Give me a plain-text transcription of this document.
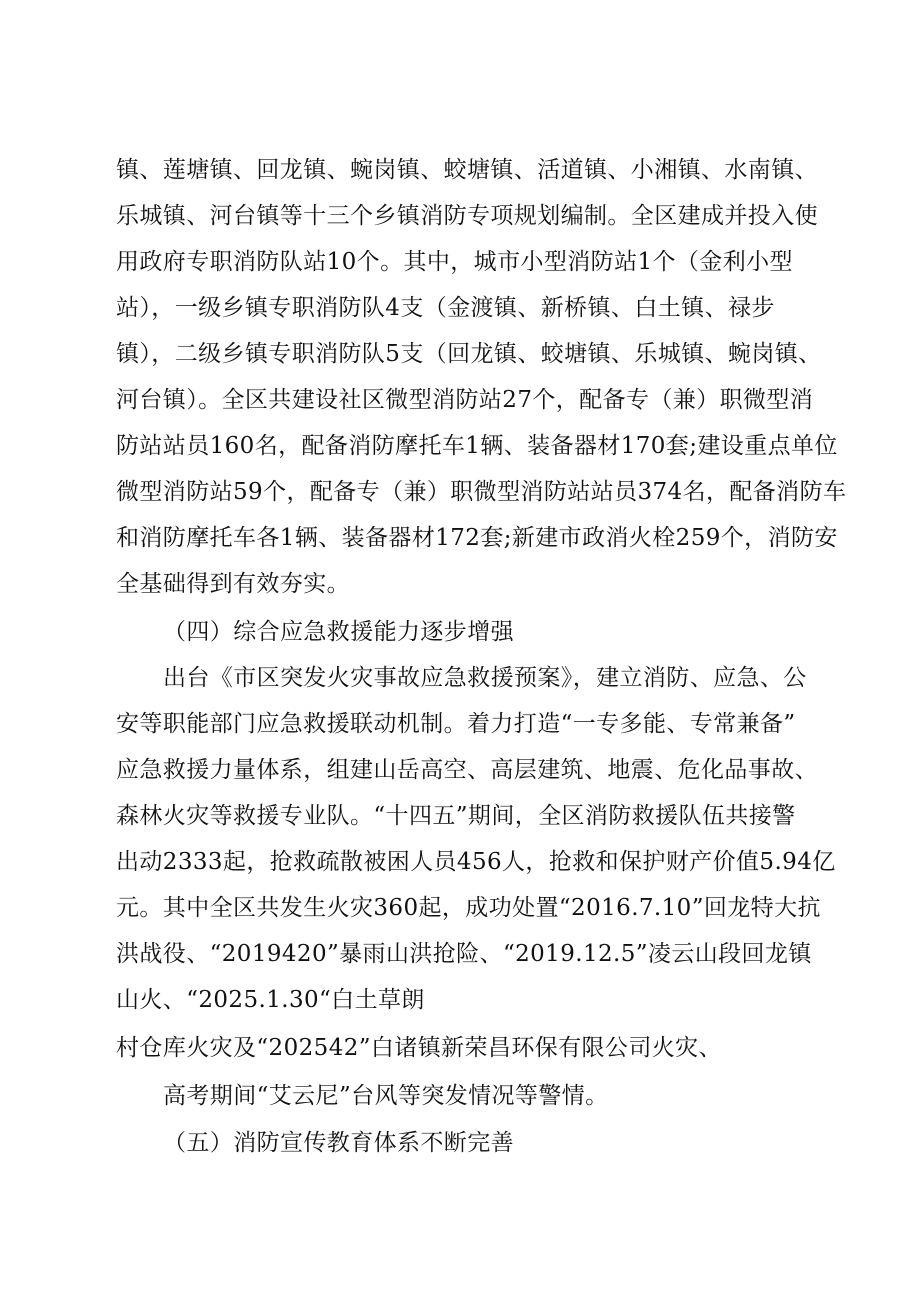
镇、莲塘镇、回龙镇、蜿岗镇、蛟塘镇、活道镇、小湘镇、水南镇、
乐城镇、河台镇等十三个乡镇消防专项规划编制。全区建成并投入使
用政府专职消防队站10个。其中，城市小型消防站1个（金利小型
站），一级乡镇专职消防队4支（金渡镇、新桥镇、白土镇、禄步
镇），二级乡镇专职消防队5支（回龙镇、蛟塘镇、乐城镇、蜿岗镇、
河台镇）。全区共建设社区微型消防站27个，配备专（兼）职微型消
防站站员160名，配备消防摩托车1辆、装备器材170套;建设重点单位
微型消防站59个，配备专（兼）职微型消防站站员374名，配备消防车
和消防摩托车各1辆、装备器材172套;新建市政消火栓259个，消防安
全基础得到有效夯实。
（四）综合应急救援能力逐步增强
出台《市区突发火灾事故应急救援预案》，建立消防、应急、公
安等职能部门应急救援联动机制。着力打造“一专多能、专常兼备”
应急救援力量体系，组建山岳高空、高层建筑、地震、危化品事故、
森林火灾等救援专业队。“十四五”期间，全区消防救援队伍共接警
出动2333起，抢救疏散被困人员456人，抢救和保护财产价值5.94亿
元。其中全区共发生火灾360起，成功处置“2016.7.10”回龙特大抗
洪战役、“2019420”暴雨山洪抢险、“2019.12.5”凌云山段回龙镇
山火、“2025.1.30“白土草朗
村仓库火灾及“202542”白诸镇新荣昌环保有限公司火灾、
高考期间“艾云尼”台风等突发情况等警情。
（五）消防宣传教育体系不断完善
